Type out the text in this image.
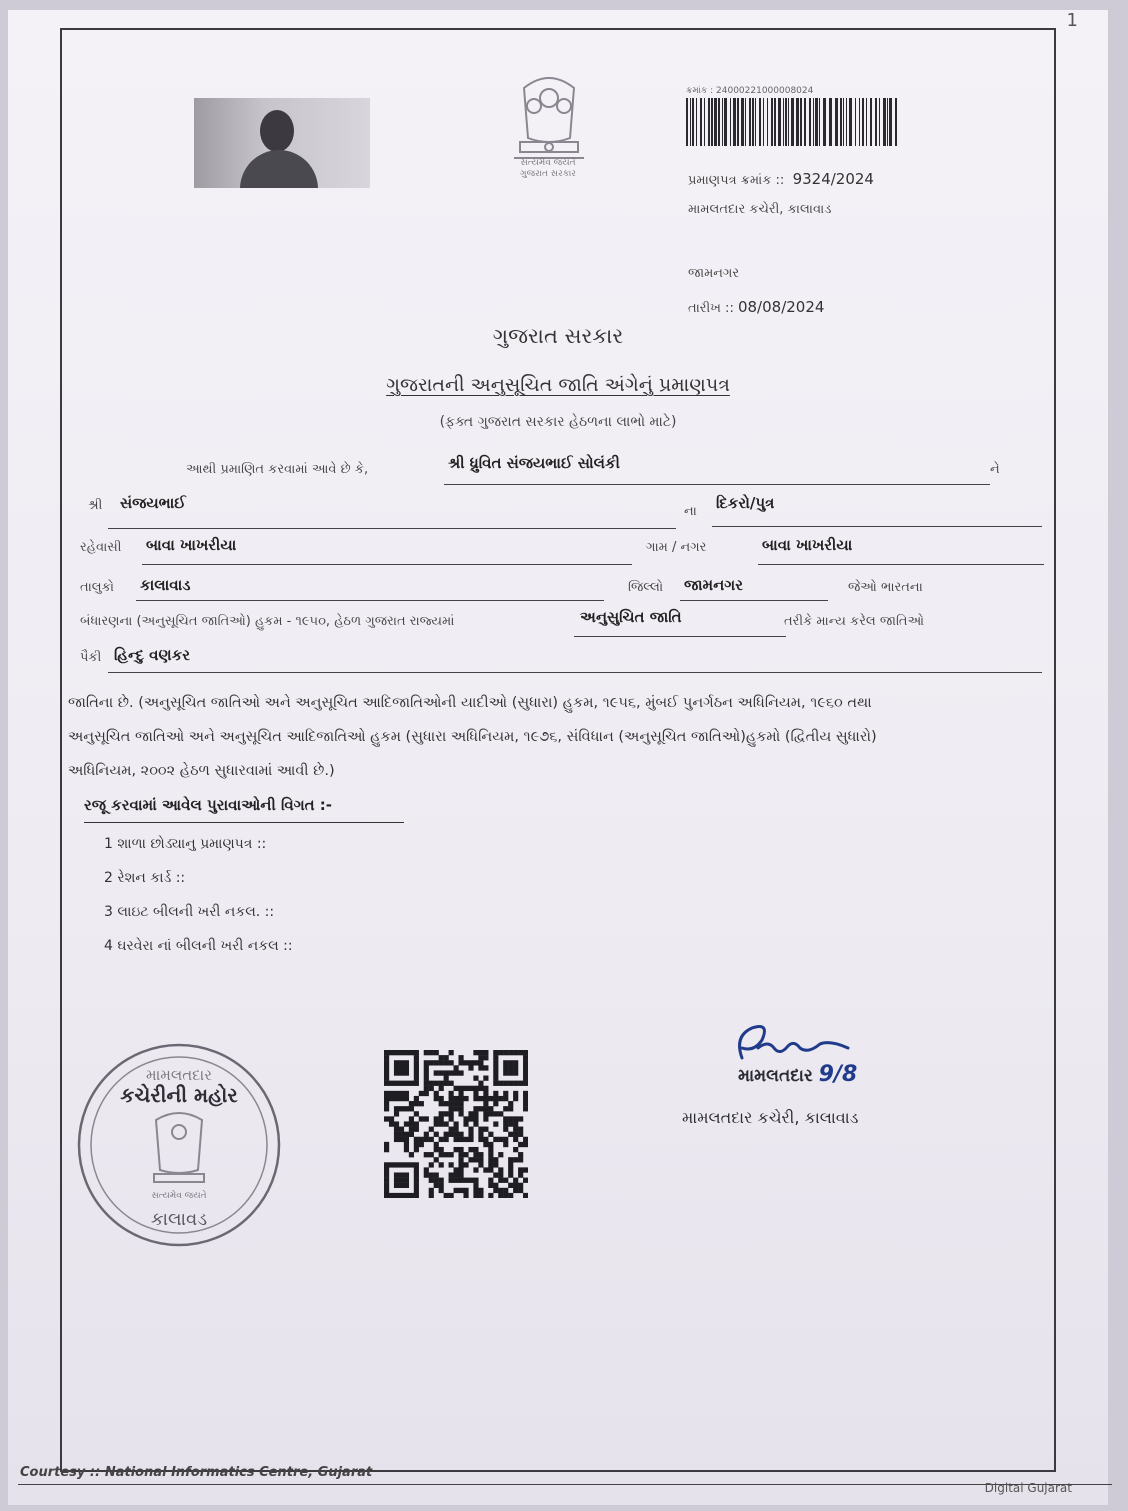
1
સત્યમેવ જયતે
ગુજરાત સરકાર
ક્રમાંક : 24000221000008024
પ્રમાણપત્ર ક્રમાંક :: 9324/2024
મામલતદાર કચેરી, કાલાવાડ
જામનગર
તારીખ :: 08/08/2024
ગુજરાત સરકાર
ગુજરાતની અનુસૂચિત જાતિ અંગેનું પ્રમાણપત્ર
(ફક્ત ગુજરાત સરકાર હેઠળના લાભો માટે)
આથી પ્રમાણિત કરવામાં આવે છે કે,	શ્રી ધ્રુવિત સંજયભાઈ સોલંકી	ને
શ્રી સંજયભાઈ	ના દિકરો/પુત્ર
રહેવાસી બાવા ખાખરીયા	ગામ / નગર	બાવા ખાખરીયા
તાલુકો કાલાવાડ	જિલ્લો જામનગર	જેઓ ભારતના
બંધારણના (અનુસૂચિત જાતિઓ) હુકમ - ૧૯૫૦, હેઠળ ગુજરાત રાજ્યમાં	અનુસુચિત જાતિ	તરીકે માન્ય કરેલ જાતિઓ
પૈકી હિન્દુ વણકર
જાતિના છે. (અનુસૂચિત જાતિઓ અને અનુસૂચિત આદિજાતિઓની યાદીઓ (સુધારા) હુકમ, ૧૯૫૬, મુંબઈ પુનર્ગઠન અધિનિયમ, ૧૯૬૦ તથા
અનુસૂચિત જાતિઓ અને અનુસૂચિત આદિજાતિઓ હુકમ (સુધારા અધિનિયમ, ૧૯૭૬, સંવિધાન (અનુસૂચિત જાતિઓ)હુકમો (દ્વિતીય સુધારો)
અધિનિયમ, ૨૦૦૨ હેઠળ સુધારવામાં આવી છે.)
રજૂ કરવામાં આવેલ પુરાવાઓની વિગત :-
1 શાળા છોડ્યાનુ પ્રમાણપત્ર ::
2 રેશન કાર્ડ ::
3 લાઇટ બીલની ખરી નકલ. ::
4 ઘરવેરા નાં બીલની ખરી નકલ ::
મામલતદાર
કચેરીની મહોર
સત્યમેવ જયતે
કાલાવડ
મામલતદાર 9/8
મામલતદાર કચેરી, કાલાવાડ
Courtesy :: National Informatics Centre, Gujarat
Digital Gujarat
